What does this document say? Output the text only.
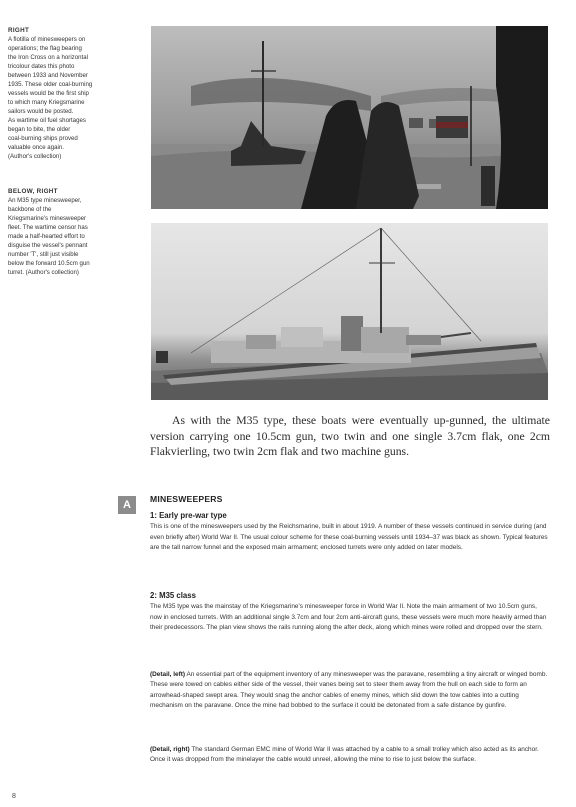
RIGHT
A flotilla of minesweepers on
operations; the flag bearing
the Iron Cross on a horizontal
tricolour dates this photo
between 1933 and November
1935. These older coal-burning
vessels would be the first ship
to which many Kriegsmarine
sailors would be posted.
As wartime oil fuel shortages
began to bite, the older
coal-burning ships proved
valuable once again.
(Author's collection)
BELOW, RIGHT
An M35 type minesweeper,
backbone of the
Kriegsmarine's minesweeper
fleet. The wartime censor has
made a half-hearted effort to
disguise the vessel's pennant
number 'T', still just visible
below the forward 10.5cm gun
turret. (Author's collection)
As with the M35 type, these boats were eventually up-gunned, the ultimate version carrying one 10.5cm gun, two twin and one single 3.7cm flak, one 2cm Flakvierling, two twin 2cm flak and two machine guns.
A	MINESWEEPERS
1: Early pre-war type
This is one of the minesweepers used by the Reichsmarine, built in about 1919. A number of these vessels continued in service during (and even briefly after) World War II. The usual colour scheme for these coal-burning vessels until 1934–37 was black as shown. Typical features are the tall narrow funnel and the exposed main armament; enclosed turrets were only added on later models.
2: M35 class
The M35 type was the mainstay of the Kriegsmarine's minesweeper force in World War II. Note the main armament of two 10.5cm guns, now in enclosed turrets. With an additional single 3.7cm and four 2cm anti-aircraft guns, these vessels were much more heavily armed than their predecessors. The plan view shows the rails running along the after deck, along which mines were rolled and dropped over the stern.
(Detail, left) An essential part of the equipment inventory of any minesweeper was the paravane, resembling a tiny aircraft or winged bomb. These were towed on cables either side of the vessel, their vanes being set to steer them away from the hull on each side to form an arrowhead-shaped swept area. They would snag the anchor cables of enemy mines, which slid down the tow cables into a cutting mechanism on the paravane. Once the mine had bobbed to the surface it could be detonated from a safe distance by gunfire.
(Detail, right) The standard German EMC mine of World War II was attached by a cable to a small trolley which also acted as its anchor. Once it was dropped from the minelayer the cable would unreel, allowing the mine to rise to just below the surface.
8
